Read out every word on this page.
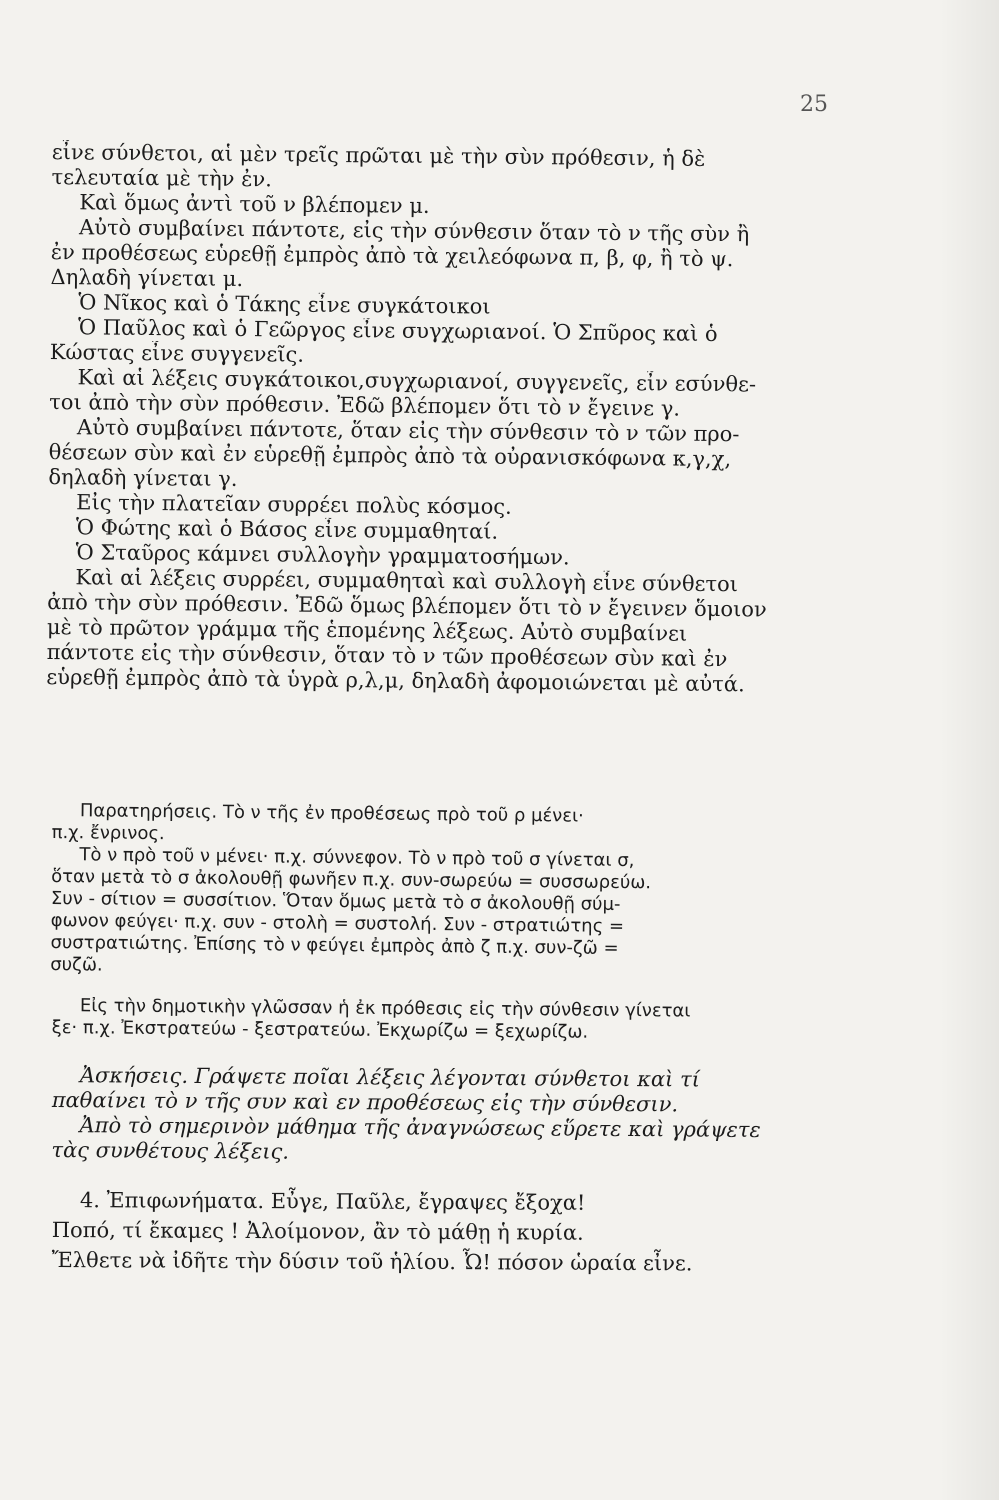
25

εἶνε σύνθετοι, αἱ μὲν τρεῖς πρῶται μὲ τὴν σὺν πρόθεσιν, ἡ δὲ

τελευταία μὲ τὴν ἐν.

Καὶ ὅμως ἀντὶ τοῦ ν βλέπομεν μ.

Αὐτὸ συμβαίνει πάντοτε, εἰς τὴν σύνθεσιν ὅταν τὸ ν τῆς σὺν ἢ

ἐν προθέσεως εὑρεθῇ ἐμπρὸς ἀπὸ τὰ χειλεόφωνα π, β, φ, ἢ τὸ ψ.

Δηλαδὴ γίνεται μ.

Ὁ Νῖκος καὶ ὁ Τάκης εἶνε συγκάτοικοι

Ὁ Παῦλος καὶ ὁ Γεῶργος εἶνε συγχωριανοί. Ὁ Σπῦρος καὶ ὁ

Κώστας εἶνε συγγενεῖς.

Καὶ αἱ λέξεις συγκάτοικοι,συγχωριανοί, συγγενεῖς, εἶν εσύνθε-

τοι ἀπὸ τὴν σὺν πρόθεσιν. Ἐδῶ βλέπομεν ὅτι τὸ ν ἔγεινε γ.

Αὐτὸ συμβαίνει πάντοτε, ὅταν εἰς τὴν σύνθεσιν τὸ ν τῶν προ-

θέσεων σὺν καὶ ἐν εὑρεθῇ ἐμπρὸς ἀπὸ τὰ οὐρανισκόφωνα κ,γ,χ,

δηλαδὴ γίνεται γ.

Εἰς τὴν πλατεῖαν συρρέει πολὺς κόσμος.

Ὁ Φώτης καὶ ὁ Βάσος εἶνε συμμαθηταί.

Ὁ Σταῦρος κάμνει συλλογὴν γραμματοσήμων.

Καὶ αἱ λέξεις συρρέει, συμμαθηταὶ καὶ συλλογὴ εἶνε σύνθετοι

ἀπὸ τὴν σὺν πρόθεσιν. Ἐδῶ ὅμως βλέπομεν ὅτι τὸ ν ἔγεινεν ὅμοιον

μὲ τὸ πρῶτον γράμμα τῆς ἑπομένης λέξεως. Αὐτὸ συμβαίνει

πάντοτε εἰς τὴν σύνθεσιν, ὅταν τὸ ν τῶν προθέσεων σὺν καὶ ἐν

εὑρεθῇ ἐμπρὸς ἀπὸ τὰ ὑγρὰ ρ,λ,μ, δηλαδὴ ἀφομοιώνεται μὲ αὐτά.

Παρατηρήσεις. Τὸ ν τῆς ἐν προθέσεως πρὸ τοῦ ρ μένει·

π.χ. ἔνρινος.

Τὸ ν πρὸ τοῦ ν μένει· π.χ. σύννεφον. Τὸ ν πρὸ τοῦ σ γίνεται σ,

ὅταν μετὰ τὸ σ ἀκολουθῇ φωνῆεν π.χ. συν-σωρεύω = συσσωρεύω.

Συν - σίτιον = συσσίτιον. Ὅταν ὅμως μετὰ τὸ σ ἀκολουθῇ σύμ-

φωνον φεύγει· π.χ. συν - στολὴ = συστολή. Συν - στρατιώτης =

συστρατιώτης. Ἐπίσης τὸ ν φεύγει ἐμπρὸς ἀπὸ ζ π.χ. συν-ζῶ =

συζῶ.

Εἰς τὴν δημοτικὴν γλῶσσαν ἡ ἐκ πρόθεσις εἰς τὴν σύνθεσιν γίνεται

ξε· π.χ. Ἐκστρατεύω - ξεστρατεύω. Ἐκχωρίζω = ξεχωρίζω.

Ἀσκήσεις. Γράψετε ποῖαι λέξεις λέγονται σύνθετοι καὶ τί

παθαίνει τὸ ν τῆς συν καὶ εν προθέσεως εἰς τὴν σύνθεσιν.

Ἀπὸ τὸ σημερινὸν μάθημα τῆς ἀναγνώσεως εὕρετε καὶ γράψετε

τὰς συνθέτους λέξεις.

4. Ἐπιφωνήματα. Εὖγε, Παῦλε, ἔγραψες ἔξοχα!

Ποπό, τί ἔκαμες ! Ἀλοίμονον, ἂν τὸ μάθῃ ἡ κυρία.

Ἔλθετε νὰ ἰδῆτε τὴν δύσιν τοῦ ἡλίου. Ὦ! πόσον ὡραία εἶνε.
